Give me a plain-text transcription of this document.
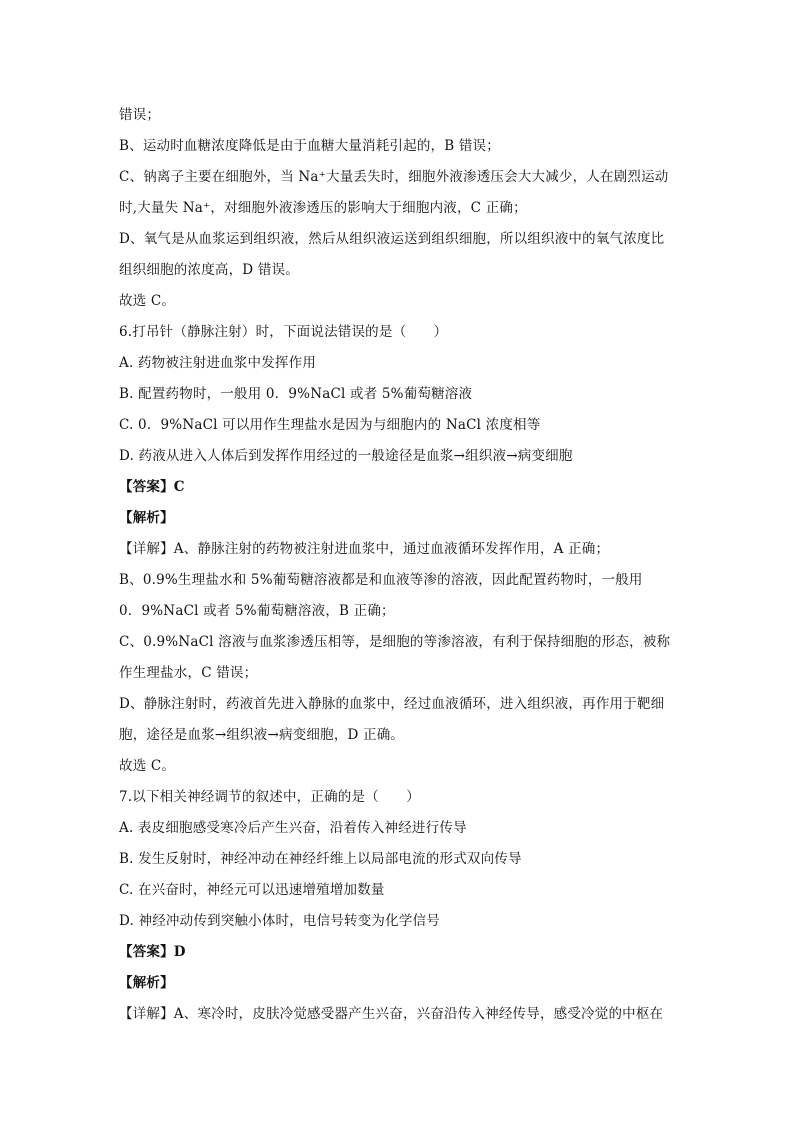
错误；
B、运动时血糖浓度降低是由于血糖大量消耗引起的，B 错误；
C、钠离子主要在细胞外，当 Na⁺大量丢失时，细胞外液渗透压会大大减少，人在剧烈运动
时,大量失 Na⁺，对细胞外液渗透压的影响大于细胞内液，C 正确；
D、氧气是从血浆运到组织液，然后从组织液运送到组织细胞，所以组织液中的氧气浓度比
组织细胞的浓度高，D 错误。
故选 C。
6.打吊针（静脉注射）时，下面说法错误的是（　　）
A. 药物被注射进血浆中发挥作用
B. 配置药物时，一般用 0．9%NaCl 或者 5%葡萄糖溶液
C. 0．9%NaCl 可以用作生理盐水是因为与细胞内的 NaCl 浓度相等
D. 药液从进入人体后到发挥作用经过的一般途径是血浆→组织液→病变细胞
【答案】C
【解析】
【详解】A、静脉注射的药物被注射进血浆中，通过血液循环发挥作用，A 正确；
B、0.9%生理盐水和 5%葡萄糖溶液都是和血液等渗的溶液，因此配置药物时，一般用
0．9%NaCl 或者 5%葡萄糖溶液，B 正确；
C、0.9%NaCl 溶液与血浆渗透压相等，是细胞的等渗溶液，有利于保持细胞的形态，被称
作生理盐水，C 错误；
D、静脉注射时，药液首先进入静脉的血浆中，经过血液循环，进入组织液，再作用于靶细
胞，途径是血浆→组织液→病变细胞，D 正确。
故选 C。
7.以下相关神经调节的叙述中，正确的是（　　）
A. 表皮细胞感受寒冷后产生兴奋，沿着传入神经进行传导
B. 发生反射时，神经冲动在神经纤维上以局部电流的形式双向传导
C. 在兴奋时，神经元可以迅速增殖增加数量
D. 神经冲动传到突触小体时，电信号转变为化学信号
【答案】D
【解析】
【详解】A、寒冷时，皮肤冷觉感受器产生兴奋，兴奋沿传入神经传导，感受冷觉的中枢在
